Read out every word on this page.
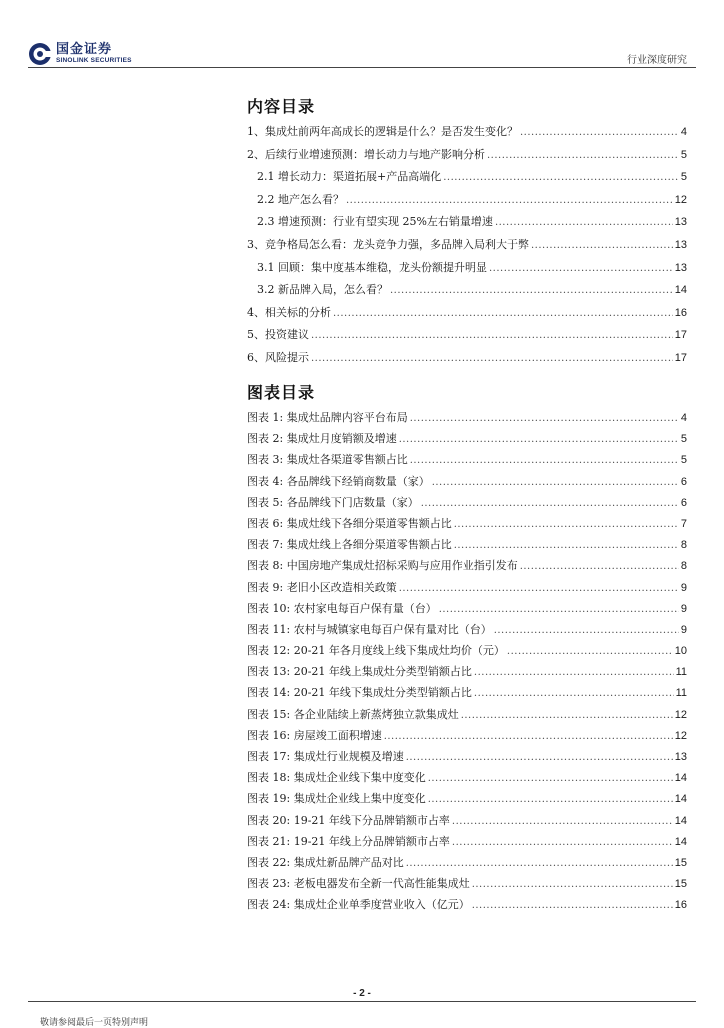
国金证券
SINOLINK SECURITIES	行业深度研究
内容目录
1、集成灶前两年高成长的逻辑是什么？是否发生变化？ .....	4
2、后续行业增速预测：增长动力与地产影响分析 .....	5
2.1 增长动力：渠道拓展+产品高端化 .....	5
2.2 地产怎么看？ .....	12
2.3 增速预测：行业有望实现 25%左右销量增速 .....	13
3、竞争格局怎么看：龙头竞争力强，多品牌入局利大于弊 .....	13
3.1 回顾：集中度基本维稳，龙头份额提升明显 .....	13
3.2 新品牌入局，怎么看？ .....	14
4、相关标的分析 .....	16
5、投资建议 .....	17
6、风险提示 .....	17
图表目录
图表 1: 集成灶品牌内容平台布局 .....	4
图表 2: 集成灶月度销额及增速 .....	5
图表 3: 集成灶各渠道零售额占比 .....	5
图表 4: 各品牌线下经销商数量（家） .....	6
图表 5: 各品牌线下门店数量（家） .....	6
图表 6: 集成灶线下各细分渠道零售额占比 .....	7
图表 7: 集成灶线上各细分渠道零售额占比 .....	8
图表 8: 中国房地产集成灶招标采购与应用作业指引发布 .....	8
图表 9: 老旧小区改造相关政策 .....	9
图表 10: 农村家电每百户保有量（台） .....	9
图表 11: 农村与城镇家电每百户保有量对比（台） .....	9
图表 12: 20-21 年各月度线上线下集成灶均价（元） .....	10
图表 13: 20-21 年线上集成灶分类型销额占比 .....	11
图表 14: 20-21 年线下集成灶分类型销额占比 .....	11
图表 15: 各企业陆续上新蒸烤独立款集成灶 .....	12
图表 16: 房屋竣工面积增速 .....	12
图表 17: 集成灶行业规模及增速 .....	13
图表 18: 集成灶企业线下集中度变化 .....	14
图表 19: 集成灶企业线上集中度变化 .....	14
图表 20: 19-21 年线下分品牌销额市占率 .....	14
图表 21: 19-21 年线上分品牌销额市占率 .....	14
图表 22: 集成灶新品牌产品对比 .....	15
图表 23: 老板电器发布全新一代高性能集成灶 .....	15
图表 24: 集成灶企业单季度营业收入（亿元） .....	16
- 2 -
敬请参阅最后一页特别声明
